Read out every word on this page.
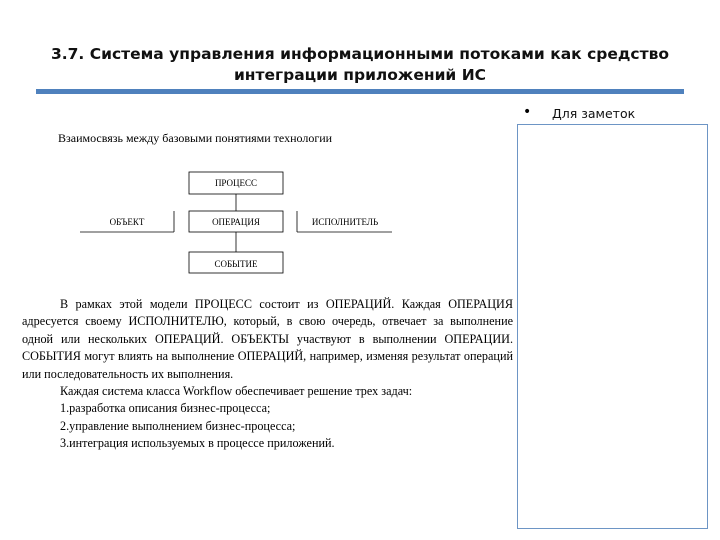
3.7. Система управления информационными потоками как средство
интеграции приложений ИС
• Для заметок
Взаимосвязь между базовыми понятиями технологии
ПРОЦЕСС
ОБЪЕКТ	ОПЕРАЦИЯ	ИСПОЛНИТЕЛЬ
СОБЫТИЕ

В рамках этой модели ПРОЦЕСС состоит из ОПЕРАЦИЙ. Каждая ОПЕРАЦИЯ адресуется своему ИСПОЛНИТЕЛЮ, который, в свою очередь, отвечает за выполнение одной или нескольких ОПЕРАЦИЙ. ОБЪЕКТЫ участвуют в выполнении ОПЕРАЦИИ. СОБЫТИЯ могут влиять на выполнение ОПЕРАЦИЙ, например, изменяя результат операций или последовательность их выполнения.

Каждая система класса Workflow обеспечивает решение трех задач:

1.разработка описания бизнес-процесса;

2.управление выполнением бизнес-процесса;

3.интеграция используемых в процессе приложений.
